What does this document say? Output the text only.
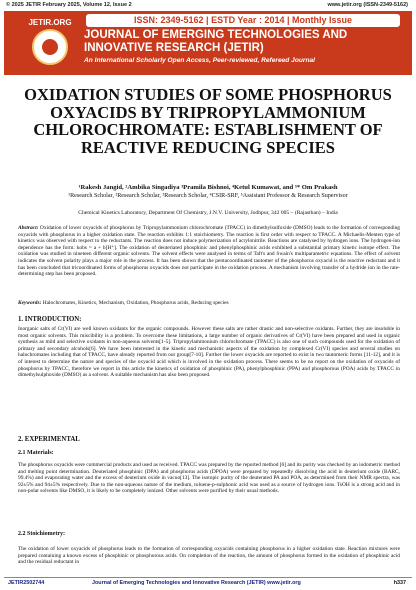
© 2025 JETIR February 2025, Volume 12, Issue 2	www.jetir.org (ISSN-2349-5162)
JETIR.ORG	ISSN: 2349-5162 | ESTD Year : 2014 | Monthly Issue
JOURNAL OF EMERGING TECHNOLOGIES AND
INNOVATIVE RESEARCH (JETIR)
An International Scholarly Open Access, Peer-reviewed, Refereed Journal
OXIDATION STUDIES OF SOME PHOSPHORUS OXYACIDS BY TRIPROPYLAMMONIUM CHLOROCHROMATE: ESTABLISHMENT OF REACTIVE REDUCING SPECIES
¹Rakesh Jangid, ²Ambika Singadiya ³Pramila Bishnoi, ⁴Ketul Kumawat, and ⁵* Om Prakash
¹Research Scholar, ²Research Scholar, ³Research Scholar, ⁴CSIR-SRF, ⁵Assistant Professor & Research Supervisor
Chemical Kinetics Laboratory, Department Of Chemistry, J.N.V. University, Jodhpur, 342 005 – (Rajasthan) – India
Abstract: Oxidation of lower oxyacids of phosphorus by Tripropylammonium chlorochromate (TPACC) in dimethylsulfoxide (DMSO) leads to the formation of corresponding oxyacids with phosphorus in a higher oxidation state. The reaction exhibits 1:1 stoichiometry. The reaction is first order with respect to TPACC. A Michaelis-Menten type of kinetics was observed with respect to the reductants. The reaction does not induce polymerization of acrylonitrile. Reactions are catalysed by hydrogen ions. The hydrogen-ion dependence has the form: kobs = a + b[H⁺]. The oxidation of deuteriated phosphinic and phenylphosphinic acids exhibited a substantial primary kinetic isotope effect. The oxidation was studied in nineteen different organic solvents. The solvent effects were analysed in terms of Taft's and Swain's multiparametric equations. The effect of solvent indicates the solvent polarity plays a major role in the process. It has been shown that the pentacoordinated tautomer of the phosphorus oxyacid is the reactive reductant and it has been concluded that tricoordinated forms of phosphorus oxyacids does not participate in the oxidation process. A mechanism involving transfer of a hydride ion in the rate-determining step has been proposed.
Keywords: Halochromates, Kinetics, Mechanism, Oxidation, Phosphorus acids, Reducing species
1. INTRODUCTION:
Inorganic salts of Cr(VI) are well known oxidants for the organic compounds. However these salts are rather drastic and non-selective oxidants. Further, they are insoluble in most organic solvents. This miscibility is a problem. To overcome these limitations, a large number of organic derivatives of Cr(VI) have been prepared and used in organic synthesis as mild and selective oxidants in non-aqueous solvents[1-5]. Tripropylammonium chlorochromate (TPACC) is also one of such compounds used for the oxidation of primary and secondary alcohols[6]. We have been interested in the kinetic and mechanistic aspects of the oxidation by complexed Cr(VI) species and several studies on halochromates including that of TPACC, have already reported from our group[7-10]. Further the lower oxyacids are reported to exist in two tautomeric forms [11-12], and it is of interest to determine the nature and species of the oxyacid acid which is involved in the oxidation process. There seems to be no report on the oxidation of oxyacids of phosphorus by TPACC, therefore we report in this article the kinetics of oxidation of phosphinic (PA), phenylphosphinic (PPA) and phosphorous (POA) acids by TPACC in dimethylsulphoxide (DMSO) as a solvent. A suitable mechanism has also been proposed.
2. EXPERIMENTAL
2.1 Materials:
The phosphorus oxyacids were commercial products and used as received. TPACC was prepared by the reported method [6] and its purity was checked by an iodometric method and melting point determination. Deuteriated phosphinic (DPA) and phosphorus acids (DPOA) were prepared by repeatedly dissolving the acid in deuterium oxide (BARC, 99.4%) and evaporating water and the excess of deuterium oxide in vacuo[13]. The isotopic purity of the deuterated PA and POA, as determined from their NMR spectra, was 92±5% and 94±5% respectively. Due to the non-aqueous nature of the medium, toluene-p-sulphonic acid was used as a source of hydrogen ions. TsOH is a strong acid and in non-polar solvents like DMSO, it is likely to be completely ionized. Other solvents were purified by their usual methods.
2.2 Stoichiometry:
The oxidation of lower oxyacids of phosphorus leads to the formation of corresponding oxyacids containing phosphorus in a higher oxidation state. Reaction mixtures were prepared containing a known excess of phosphinic or phosphorous acids. On completion of the reaction, the amount of phosphorus formed in the oxidation of phosphinic acid and the residual reductant in
JETIR2502744	Journal of Emerging Technologies and Innovative Research (JETIR) www.jetir.org	h337
